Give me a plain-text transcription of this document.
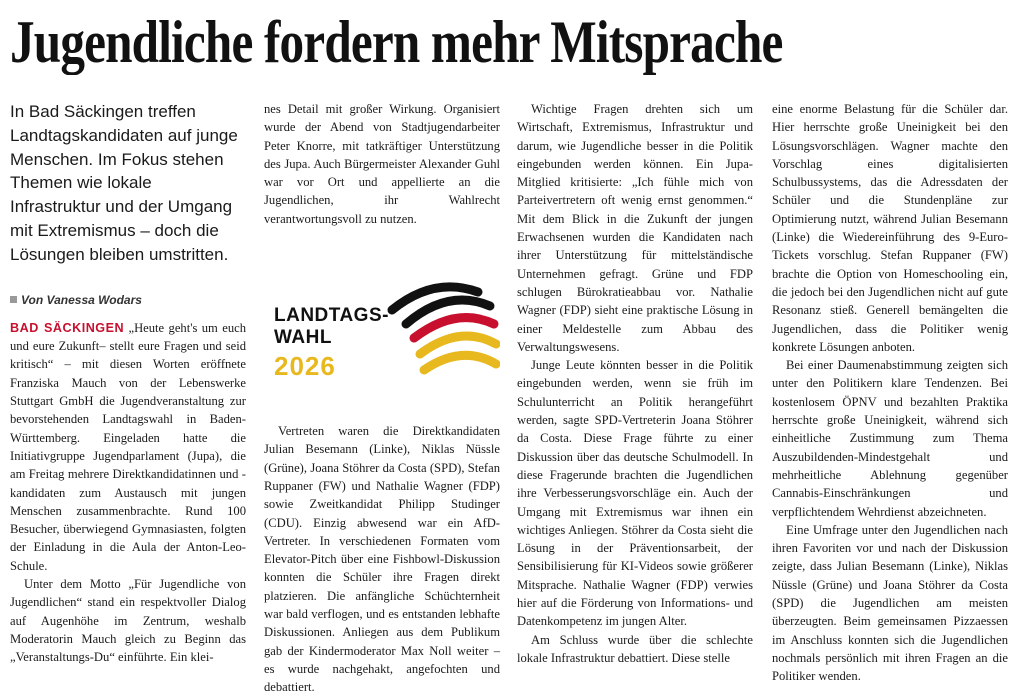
Jugendliche fordern mehr Mitsprache
In Bad Säckingen treffen Landtagskandidaten auf junge Menschen. Im Fokus stehen Themen wie lokale Infrastruktur und der Umgang mit Extremismus – doch die Lösungen bleiben umstritten.
Von Vanessa Wodars

BAD SÄCKINGEN „Heute geht's um euch und eure Zukunft– stellt eure Fragen und seid kritisch“ – mit diesen Worten eröffnete Franziska Mauch von der Lebenswerke Stuttgart GmbH die Jugendveranstaltung zur bevorstehenden Landtagswahl in Baden-Württemberg. Eingeladen hatte die Initiativgruppe Jugendparlament (Jupa), die am Freitag mehrere Direktkandidatinnen und -kandidaten zum Austausch mit jungen Menschen zusammenbrachte. Rund 100 Besucher, überwiegend Gymnasiasten, folgten der Einladung in die Aula der Anton-Leo-Schule.

Unter dem Motto „Für Jugendliche von Jugendlichen“ stand ein respektvoller Dialog auf Augenhöhe im Zentrum, weshalb Moderatorin Mauch gleich zu Beginn das „Veranstaltungs-Du“ einführte. Ein klei-

nes Detail mit großer Wirkung. Organisiert wurde der Abend von Stadtjugendarbeiter Peter Knorre, mit tatkräftiger Unterstützung des Jupa. Auch Bürgermeister Alexander Guhl war vor Ort und appellierte an die Jugendlichen, ihr Wahlrecht verantwortungsvoll zu nutzen.

LANDTAGS-
WAHL
2026

Vertreten waren die Direktkandidaten Julian Besemann (Linke), Niklas Nüssle (Grüne), Joana Stöhrer da Costa (SPD), Stefan Ruppaner (FW) und Nathalie Wagner (FDP) sowie Zweitkandidat Philipp Studinger (CDU). Einzig abwesend war ein AfD-Vertreter. In verschiedenen Formaten vom Elevator-Pitch über eine Fishbowl-Diskussion konnten die Schüler ihre Fragen direkt platzieren. Die anfängliche Schüchternheit war bald verflogen, und es entstanden lebhafte Diskussionen. Anliegen aus dem Publikum gab der Kindermoderator Max Noll weiter – es wurde nachgehakt, angefochten und debattiert.

Wichtige Fragen drehten sich um Wirtschaft, Extremismus, Infrastruktur und darum, wie Jugendliche besser in die Politik eingebunden werden können. Ein Jupa-Mitglied kritisierte: „Ich fühle mich von Parteivertretern oft wenig ernst genommen.“ Mit dem Blick in die Zukunft der jungen Erwachsenen wurden die Kandidaten nach ihrer Unterstützung für mittelständische Unternehmen gefragt. Grüne und FDP schlugen Bürokratieabbau vor. Nathalie Wagner (FDP) sieht eine praktische Lösung in einer Meldestelle zum Abbau des Verwaltungswesens.

Junge Leute könnten besser in die Politik eingebunden werden, wenn sie früh im Schulunterricht an Politik herangeführt werden, sagte SPD-Vertreterin Joana Stöhrer da Costa. Diese Frage führte zu einer Diskussion über das deutsche Schulmodell. In diese Fragerunde brachten die Jugendlichen ihre Verbesserungsvorschläge ein. Auch der Umgang mit Extremismus war ihnen ein wichtiges Anliegen. Stöhrer da Costa sieht die Lösung in der Präventionsarbeit, der Sensibilisierung für KI-Videos sowie größerer Mitsprache. Nathalie Wagner (FDP) verwies hier auf die Förderung von Informations- und Datenkompetenz im jungen Alter.

Am Schluss wurde über die schlechte lokale Infrastruktur debattiert. Diese stelle

eine enorme Belastung für die Schüler dar. Hier herrschte große Uneinigkeit bei den Lösungsvorschlägen. Wagner machte den Vorschlag eines digitalisierten Schulbussystems, das die Adressdaten der Schüler und die Stundenpläne zur Optimierung nutzt, während Julian Besemann (Linke) die Wiedereinführung des 9-Euro-Tickets vorschlug. Stefan Ruppaner (FW) brachte die Option von Homeschooling ein, die jedoch bei den Jugendlichen nicht auf gute Resonanz stieß. Generell bemängelten die Jugendlichen, dass die Politiker wenig konkrete Lösungen anboten.

Bei einer Daumenabstimmung zeigten sich unter den Politikern klare Tendenzen. Bei kostenlosem ÖPNV und bezahlten Praktika herrschte große Uneinigkeit, während sich einheitliche Zustimmung zum Thema Auszubildenden-Mindestgehalt und mehrheitliche Ablehnung gegenüber Cannabis-Einschränkungen und verpflichtendem Wehrdienst abzeichneten.

Eine Umfrage unter den Jugendlichen nach ihren Favoriten vor und nach der Diskussion zeigte, dass Julian Besemann (Linke), Niklas Nüssle (Grüne) und Joana Stöhrer da Costa (SPD) die Jugendlichen am meisten überzeugten. Beim gemeinsamen Pizzaessen im Anschluss konnten sich die Jugendlichen nochmals persönlich mit ihren Fragen an die Politiker wenden.
